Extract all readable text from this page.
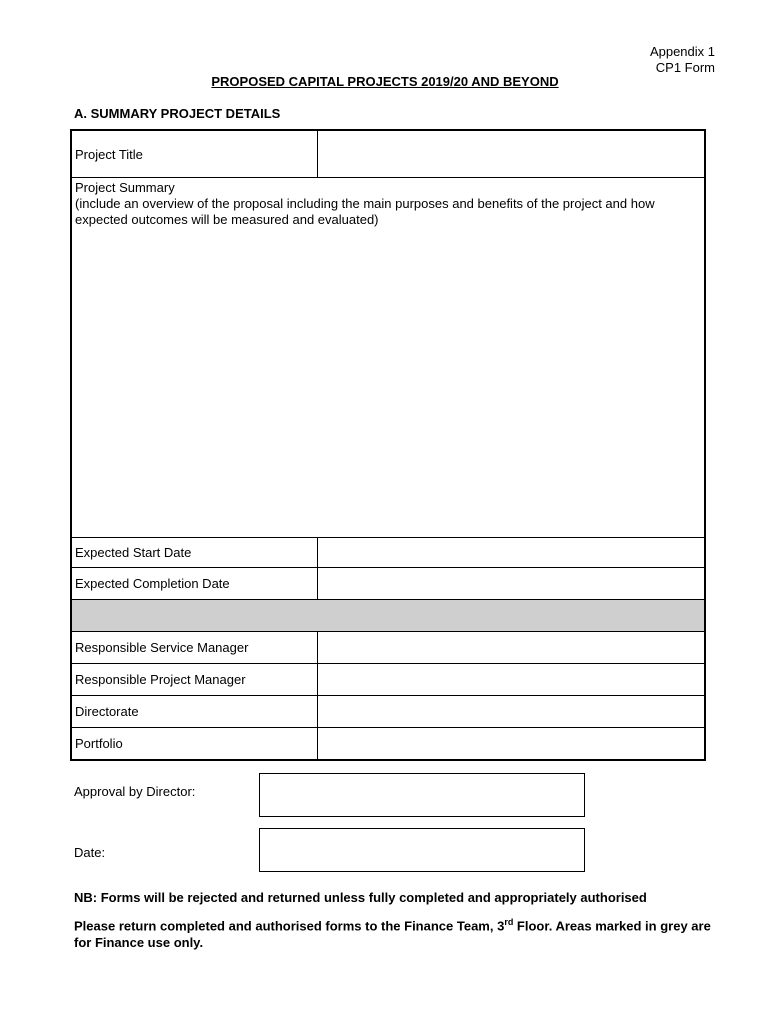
Appendix 1
CP1 Form
PROPOSED CAPITAL PROJECTS 2019/20 AND BEYOND
A. SUMMARY PROJECT DETAILS
Project Title
Project Summary
(include an overview of the proposal including the main purposes and benefits of the project and how expected outcomes will be measured and evaluated)
Expected Start Date
Expected Completion Date
Responsible Service Manager
Responsible Project Manager
Directorate
Portfolio
Approval by Director:
Date:
NB: Forms will be rejected and returned unless fully completed and appropriately authorised
Please return completed and authorised forms to the Finance Team, 3rd Floor. Areas marked in grey are for Finance use only.
